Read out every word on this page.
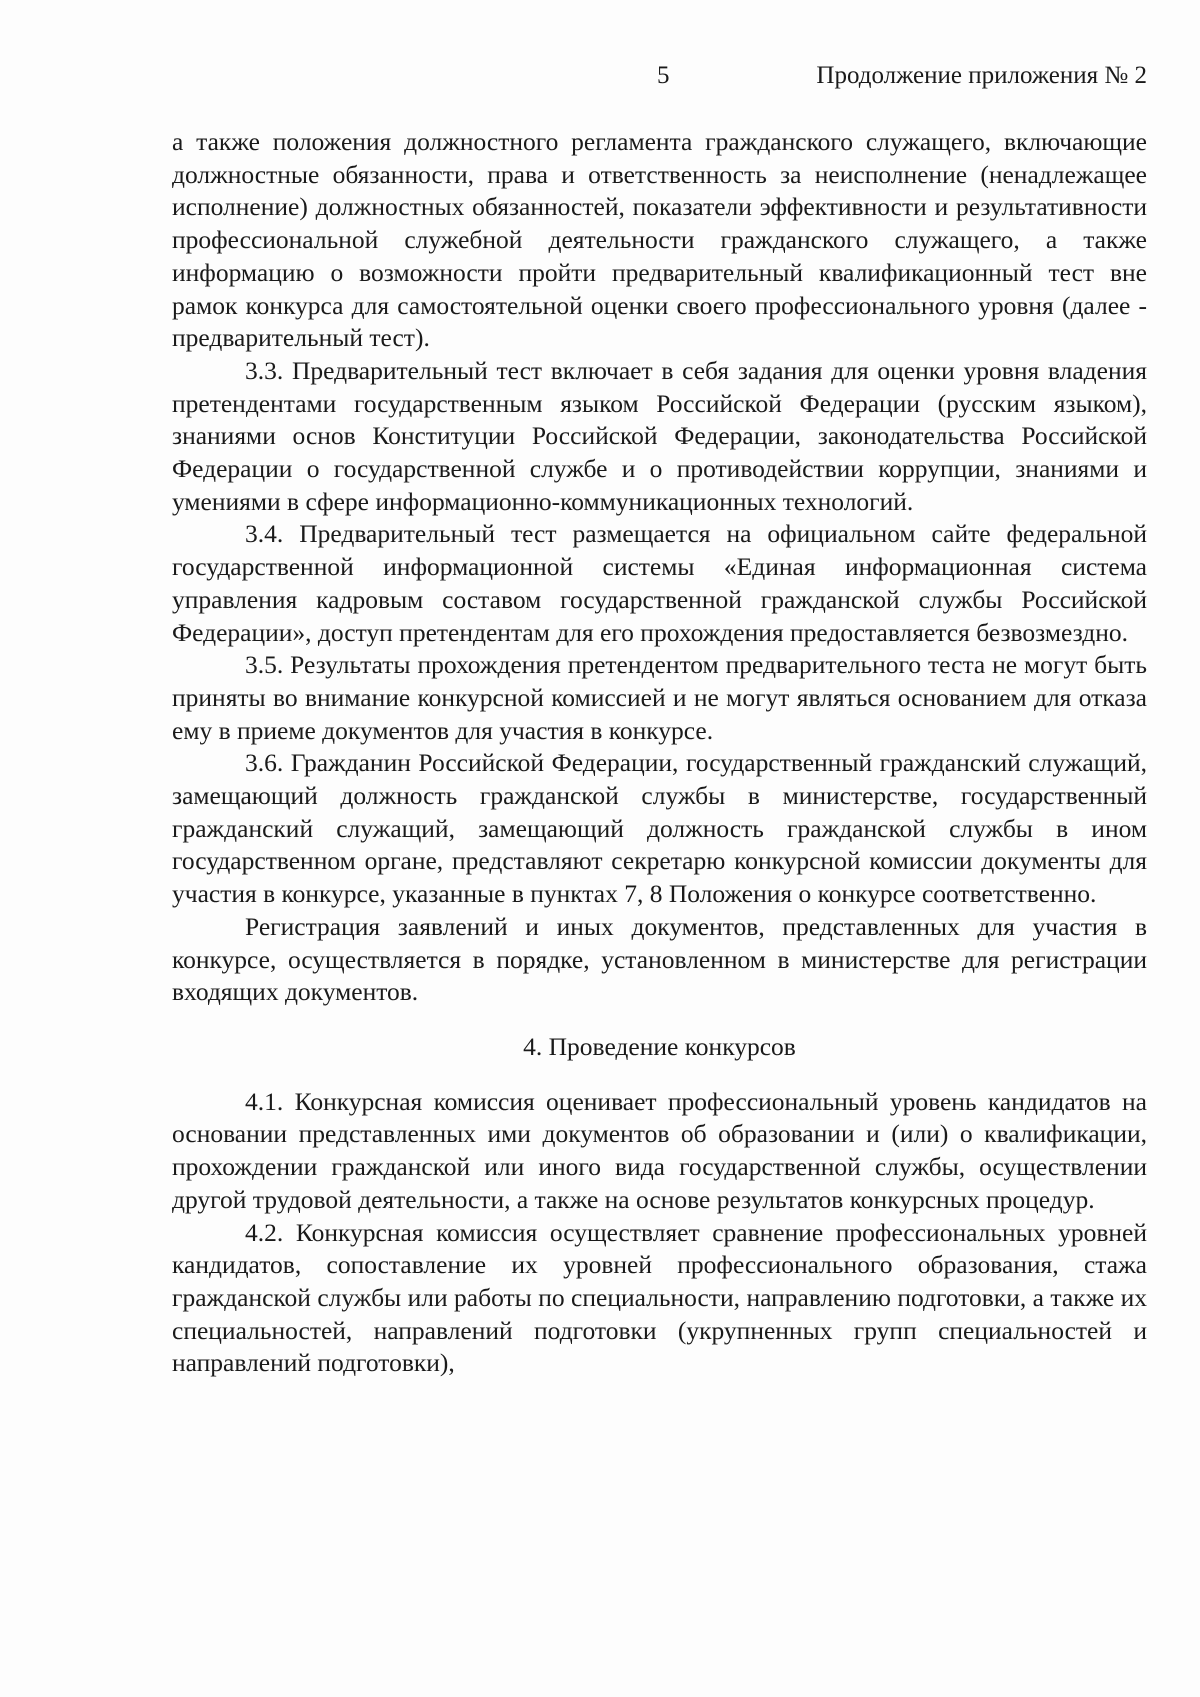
5	Продолжение приложения № 2

а также положения должностного регламента гражданского служащего, включающие должностные обязанности, права и ответственность за неисполнение (ненадлежащее исполнение) должностных обязанностей, показатели эффективности и результативности профессиональной служебной деятельности гражданского служащего, а также информацию о возможности пройти предварительный квалификационный тест вне рамок конкурса для самостоятельной оценки своего профессионального уровня (далее - предварительный тест).

3.3. Предварительный тест включает в себя задания для оценки уровня владения претендентами государственным языком Российской Федерации (русским языком), знаниями основ Конституции Российской Федерации, законодательства Российской Федерации о государственной службе и о противодействии коррупции, знаниями и умениями в сфере информационно-коммуникационных технологий.

3.4. Предварительный тест размещается на официальном сайте федеральной государственной информационной системы «Единая информационная система управления кадровым составом государственной гражданской службы Российской Федерации», доступ претендентам для его прохождения предоставляется безвозмездно.

3.5. Результаты прохождения претендентом предварительного теста не могут быть приняты во внимание конкурсной комиссией и не могут являться основанием для отказа ему в приеме документов для участия в конкурсе.

3.6. Гражданин Российской Федерации, государственный гражданский служащий, замещающий должность гражданской службы в министерстве, государственный гражданский служащий, замещающий должность гражданской службы в ином государственном органе, представляют секретарю конкурсной комиссии документы для участия в конкурсе, указанные в пунктах 7, 8 Положения о конкурсе соответственно.

Регистрация заявлений и иных документов, представленных для участия в конкурсе, осуществляется в порядке, установленном в министерстве для регистрации входящих документов.

4. Проведение конкурсов

4.1. Конкурсная комиссия оценивает профессиональный уровень кандидатов на основании представленных ими документов об образовании и (или) о квалификации, прохождении гражданской или иного вида государственной службы, осуществлении другой трудовой деятельности, а также на основе результатов конкурсных процедур.

4.2. Конкурсная комиссия осуществляет сравнение профессиональных уровней кандидатов, сопоставление их уровней профессионального образования, стажа гражданской службы или работы по специальности, направлению подготовки, а также их специальностей, направлений подготовки (укрупненных групп специальностей и направлений подготовки),
